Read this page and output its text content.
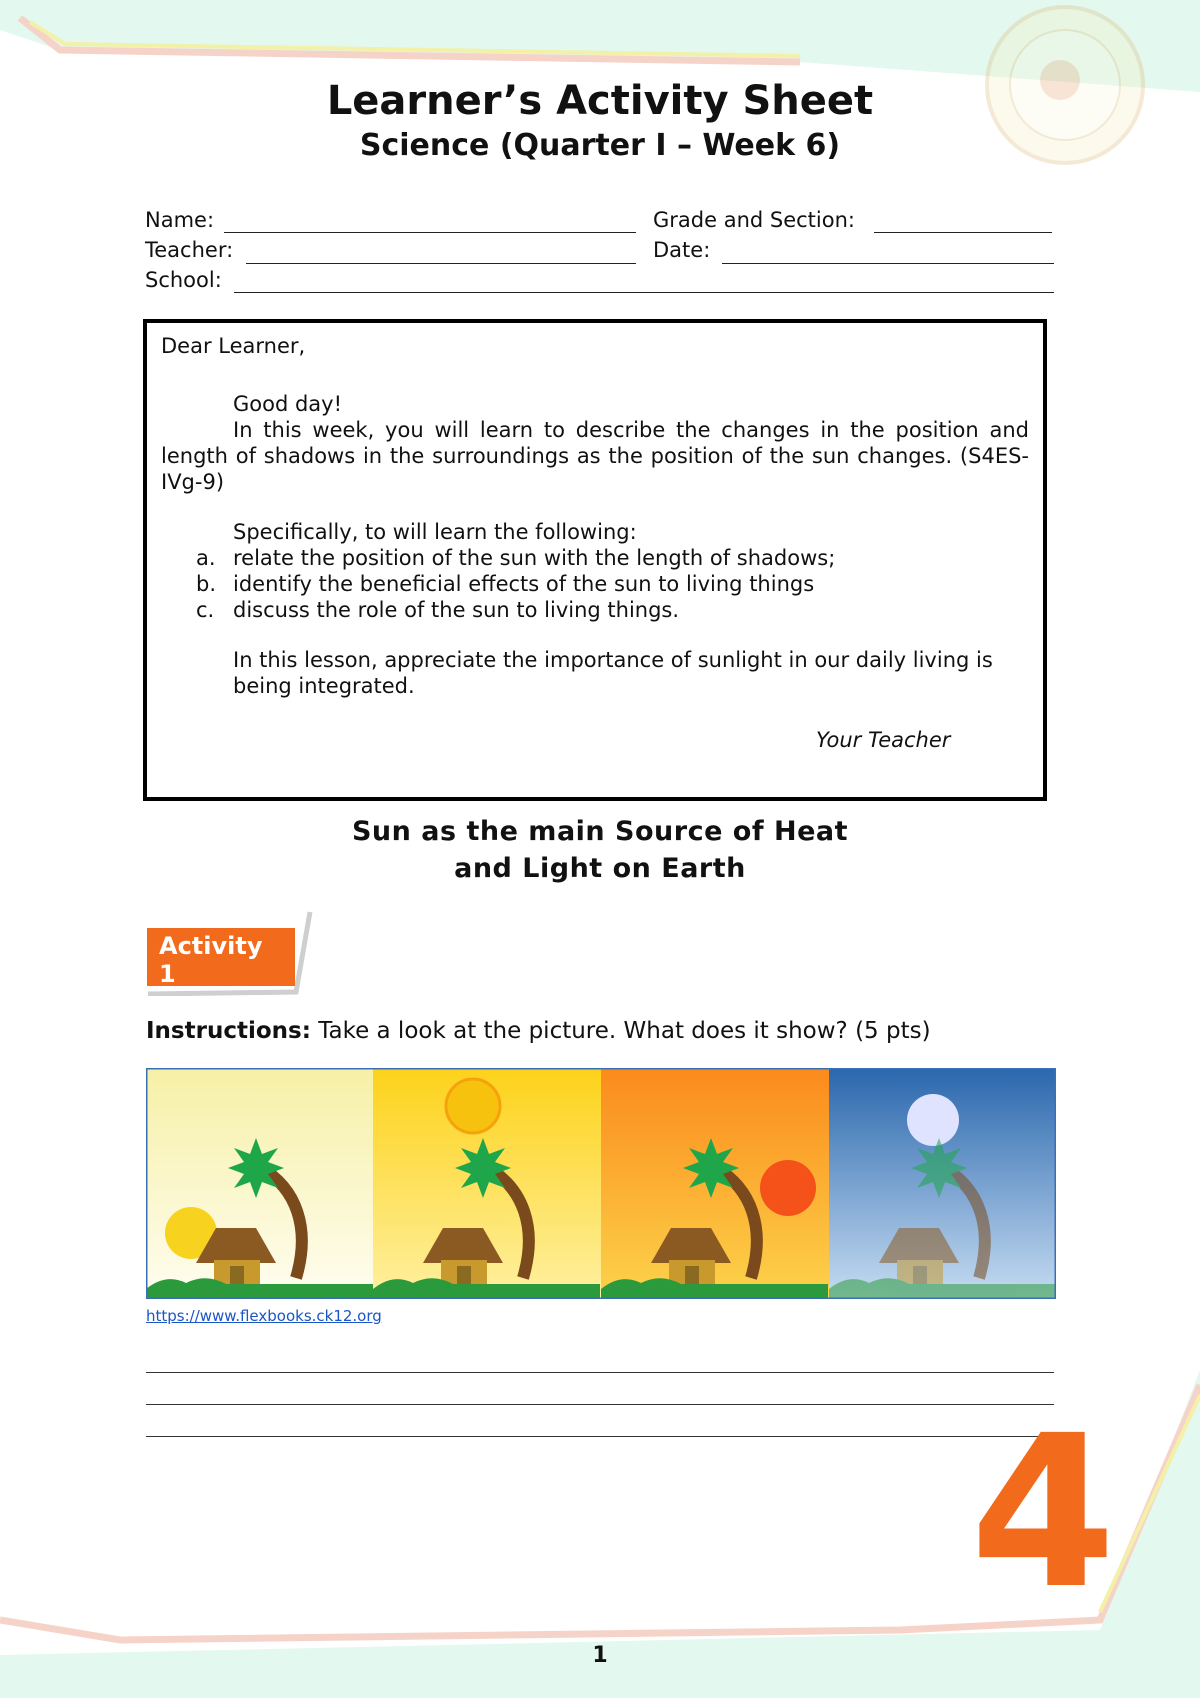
Learner’s Activity Sheet
Science (Quarter I – Week 6)
Name:	Grade and Section:
Teacher:	Date:
School:

Dear Learner,

Good day!

In this week, you will learn to describe the changes in the position and length of shadows in the surroundings as the position of the sun changes. (S4ES-IVg-9)

Specifically, to will learn the following:

a. relate the position of the sun with the length of shadows;
b. identify the beneficial effects of the sun to living things
c. discuss the role of the sun to living things.

In this lesson, appreciate the importance of sunlight in our daily living is being integrated.

Your Teacher

Sun as the main Source of Heat
and Light on Earth
Activity
1
Instructions: Take a look at the picture. What does it show? (5 pts)
https://www.flexbooks.ck12.org
4
1
